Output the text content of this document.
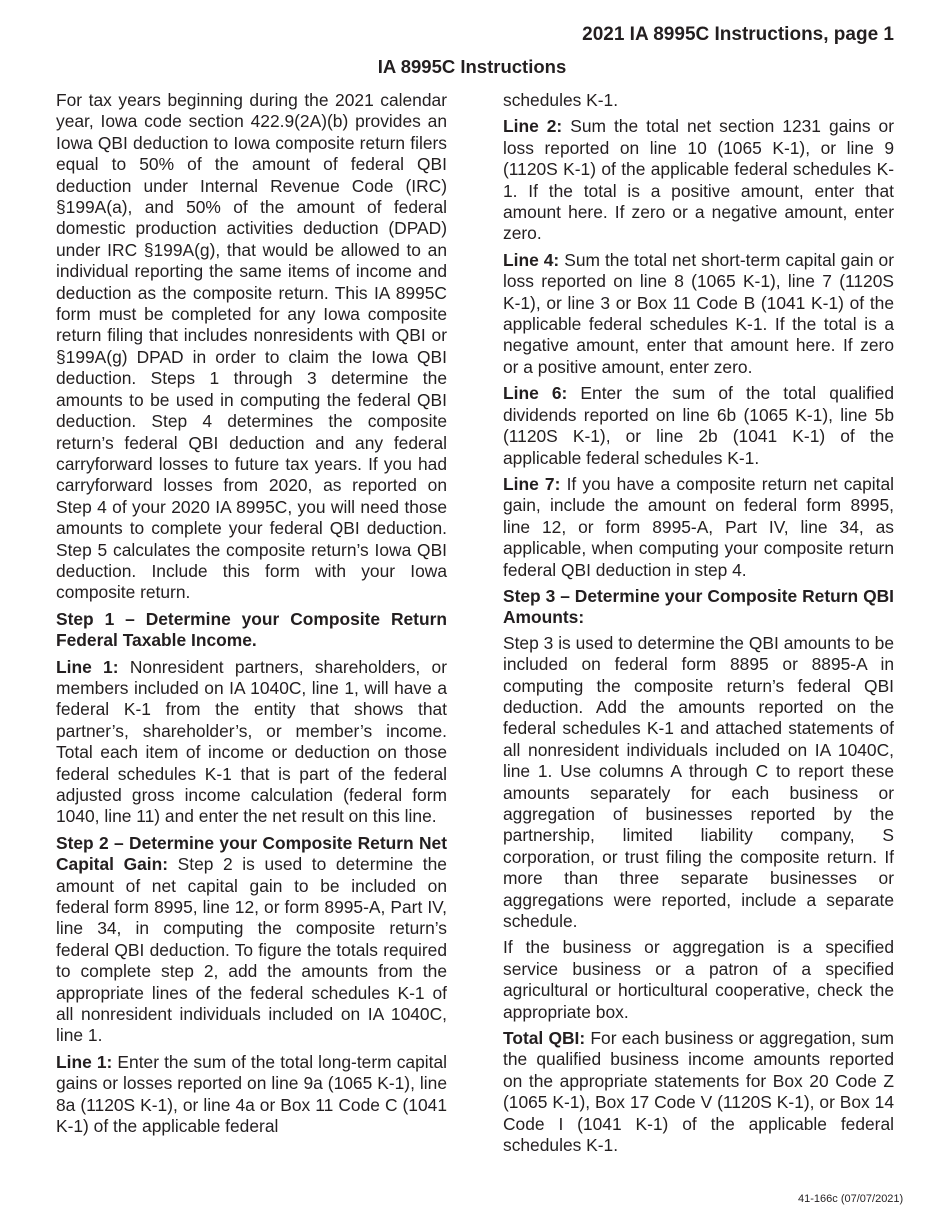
2021 IA 8995C Instructions, page 1
IA 8995C Instructions

For tax years beginning during the 2021 calendar year, Iowa code section 422.9(2A)(b) provides an Iowa QBI deduction to Iowa composite return filers equal to 50% of the amount of federal QBI deduction under Internal Revenue Code (IRC) §199A(a), and 50% of the amount of federal domestic production activities deduction (DPAD) under IRC §199A(g), that would be allowed to an individual reporting the same items of income and deduction as the composite return. This IA 8995C form must be completed for any Iowa composite return filing that includes nonresidents with QBI or §199A(g) DPAD in order to claim the Iowa QBI deduction. Steps 1 through 3 determine the amounts to be used in computing the federal QBI deduction. Step 4 determines the composite return’s federal QBI deduction and any federal carryforward losses to future tax years. If you had carryforward losses from 2020, as reported on Step 4 of your 2020 IA 8995C, you will need those amounts to complete your federal QBI deduction. Step 5 calculates the composite return’s Iowa QBI deduction. Include this form with your Iowa composite return.

Step 1 – Determine your Composite Return Federal Taxable Income.

Line 1: Nonresident partners, shareholders, or members included on IA 1040C, line 1, will have a federal K-1 from the entity that shows that partner’s, shareholder’s, or member’s income. Total each item of income or deduction on those federal schedules K-1 that is part of the federal adjusted gross income calculation (federal form 1040, line 11) and enter the net result on this line.

Step 2 – Determine your Composite Return Net Capital Gain: Step 2 is used to determine the amount of net capital gain to be included on federal form 8995, line 12, or form 8995-A, Part IV, line 34, in computing the composite return’s federal QBI deduction. To figure the totals required to complete step 2, add the amounts from the appropriate lines of the federal schedules K-1 of all nonresident individuals included on IA 1040C, line 1.

Line 1: Enter the sum of the total long-term capital gains or losses reported on line 9a (1065 K-1), line 8a (1120S K-1), or line 4a or Box 11 Code C (1041 K-1) of the applicable federal

schedules K-1.

Line 2: Sum the total net section 1231 gains or loss reported on line 10 (1065 K-1), or line 9 (1120S K-1) of the applicable federal schedules K-1. If the total is a positive amount, enter that amount here. If zero or a negative amount, enter zero.

Line 4: Sum the total net short-term capital gain or loss reported on line 8 (1065 K-1), line 7 (1120S K-1), or line 3 or Box 11 Code B (1041 K-1) of the applicable federal schedules K-1. If the total is a negative amount, enter that amount here. If zero or a positive amount, enter zero.

Line 6: Enter the sum of the total qualified dividends reported on line 6b (1065 K-1), line 5b (1120S K-1), or line 2b (1041 K-1) of the applicable federal schedules K-1.

Line 7: If you have a composite return net capital gain, include the amount on federal form 8995, line 12, or form 8995-A, Part IV, line 34, as applicable, when computing your composite return federal QBI deduction in step 4.

Step 3 – Determine your Composite Return QBI Amounts:

Step 3 is used to determine the QBI amounts to be included on federal form 8895 or 8895-A in computing the composite return’s federal QBI deduction. Add the amounts reported on the federal schedules K-1 and attached statements of all nonresident individuals included on IA 1040C, line 1. Use columns A through C to report these amounts separately for each business or aggregation of businesses reported by the partnership, limited liability company, S corporation, or trust filing the composite return. If more than three separate businesses or aggregations were reported, include a separate schedule.

If the business or aggregation is a specified service business or a patron of a specified agricultural or horticultural cooperative, check the appropriate box.

Total QBI: For each business or aggregation, sum the qualified business income amounts reported on the appropriate statements for Box 20 Code Z (1065 K-1), Box 17 Code V (1120S K-1), or Box 14 Code I (1041 K-1) of the applicable federal schedules K-1.

41-166c (07/07/2021)
